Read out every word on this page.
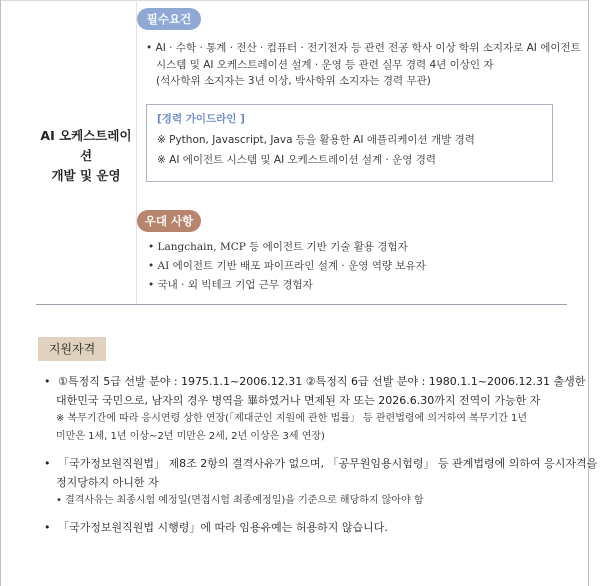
AI 오케스트레이션
개발 및 운영
필수요건
• AI · 수학 · 통계 · 전산 · 컴퓨터 · 전기전자 등 관련 전공 학사 이상 학위 소지자로 AI 에이전트
시스템 및 AI 오케스트레이션 설계 · 운영 등 관련 실무 경력 4년 이상인 자
(석사학위 소지자는 3년 이상, 박사학위 소지자는 경력 무관)
[경력 가이드라인 ]
※ Python, Javascript, Java 등을 활용한 AI 애플리케이션 개발 경력
※ AI 에이전트 시스템 및 AI 오케스트레이션 설계 · 운영 경력
우대 사항
• Langchain, MCP 등 에이전트 기반 기술 활용 경험자
• AI 에이전트 기반 배포 파이프라인 설계 · 운영 역량 보유자
• 국내 · 외 빅테크 기업 근무 경험자
지원자격
• ①특정직 5급 선발 분야 : 1975.1.1~2006.12.31 ②특정직 6급 선발 분야 : 1980.1.1~2006.12.31 출생한
대한민국 국민으로, 남자의 경우 병역을 畢하였거나 면제된 자 또는 2026.6.30까지 전역이 가능한 자
※ 복무기간에 따라 응시연령 상한 연장(「제대군인 지원에 관한 법률」 등 관련법령에 의거하여 복무기간 1년
미만은 1세, 1년 이상~2년 미만은 2세, 2년 이상은 3세 연장)
• 「국가정보원직원법」 제8조 2항의 결격사유가 없으며, 「공무원임용시험령」 등 관계법령에 의하여 응시자격을
정지당하지 아니한 자
• 결격사유는 최종시험 예정일(면접시험 최종예정일)을 기준으로 해당하지 않아야 함
• 「국가정보원직원법 시행령」에 따라 임용유예는 허용하지 않습니다.
